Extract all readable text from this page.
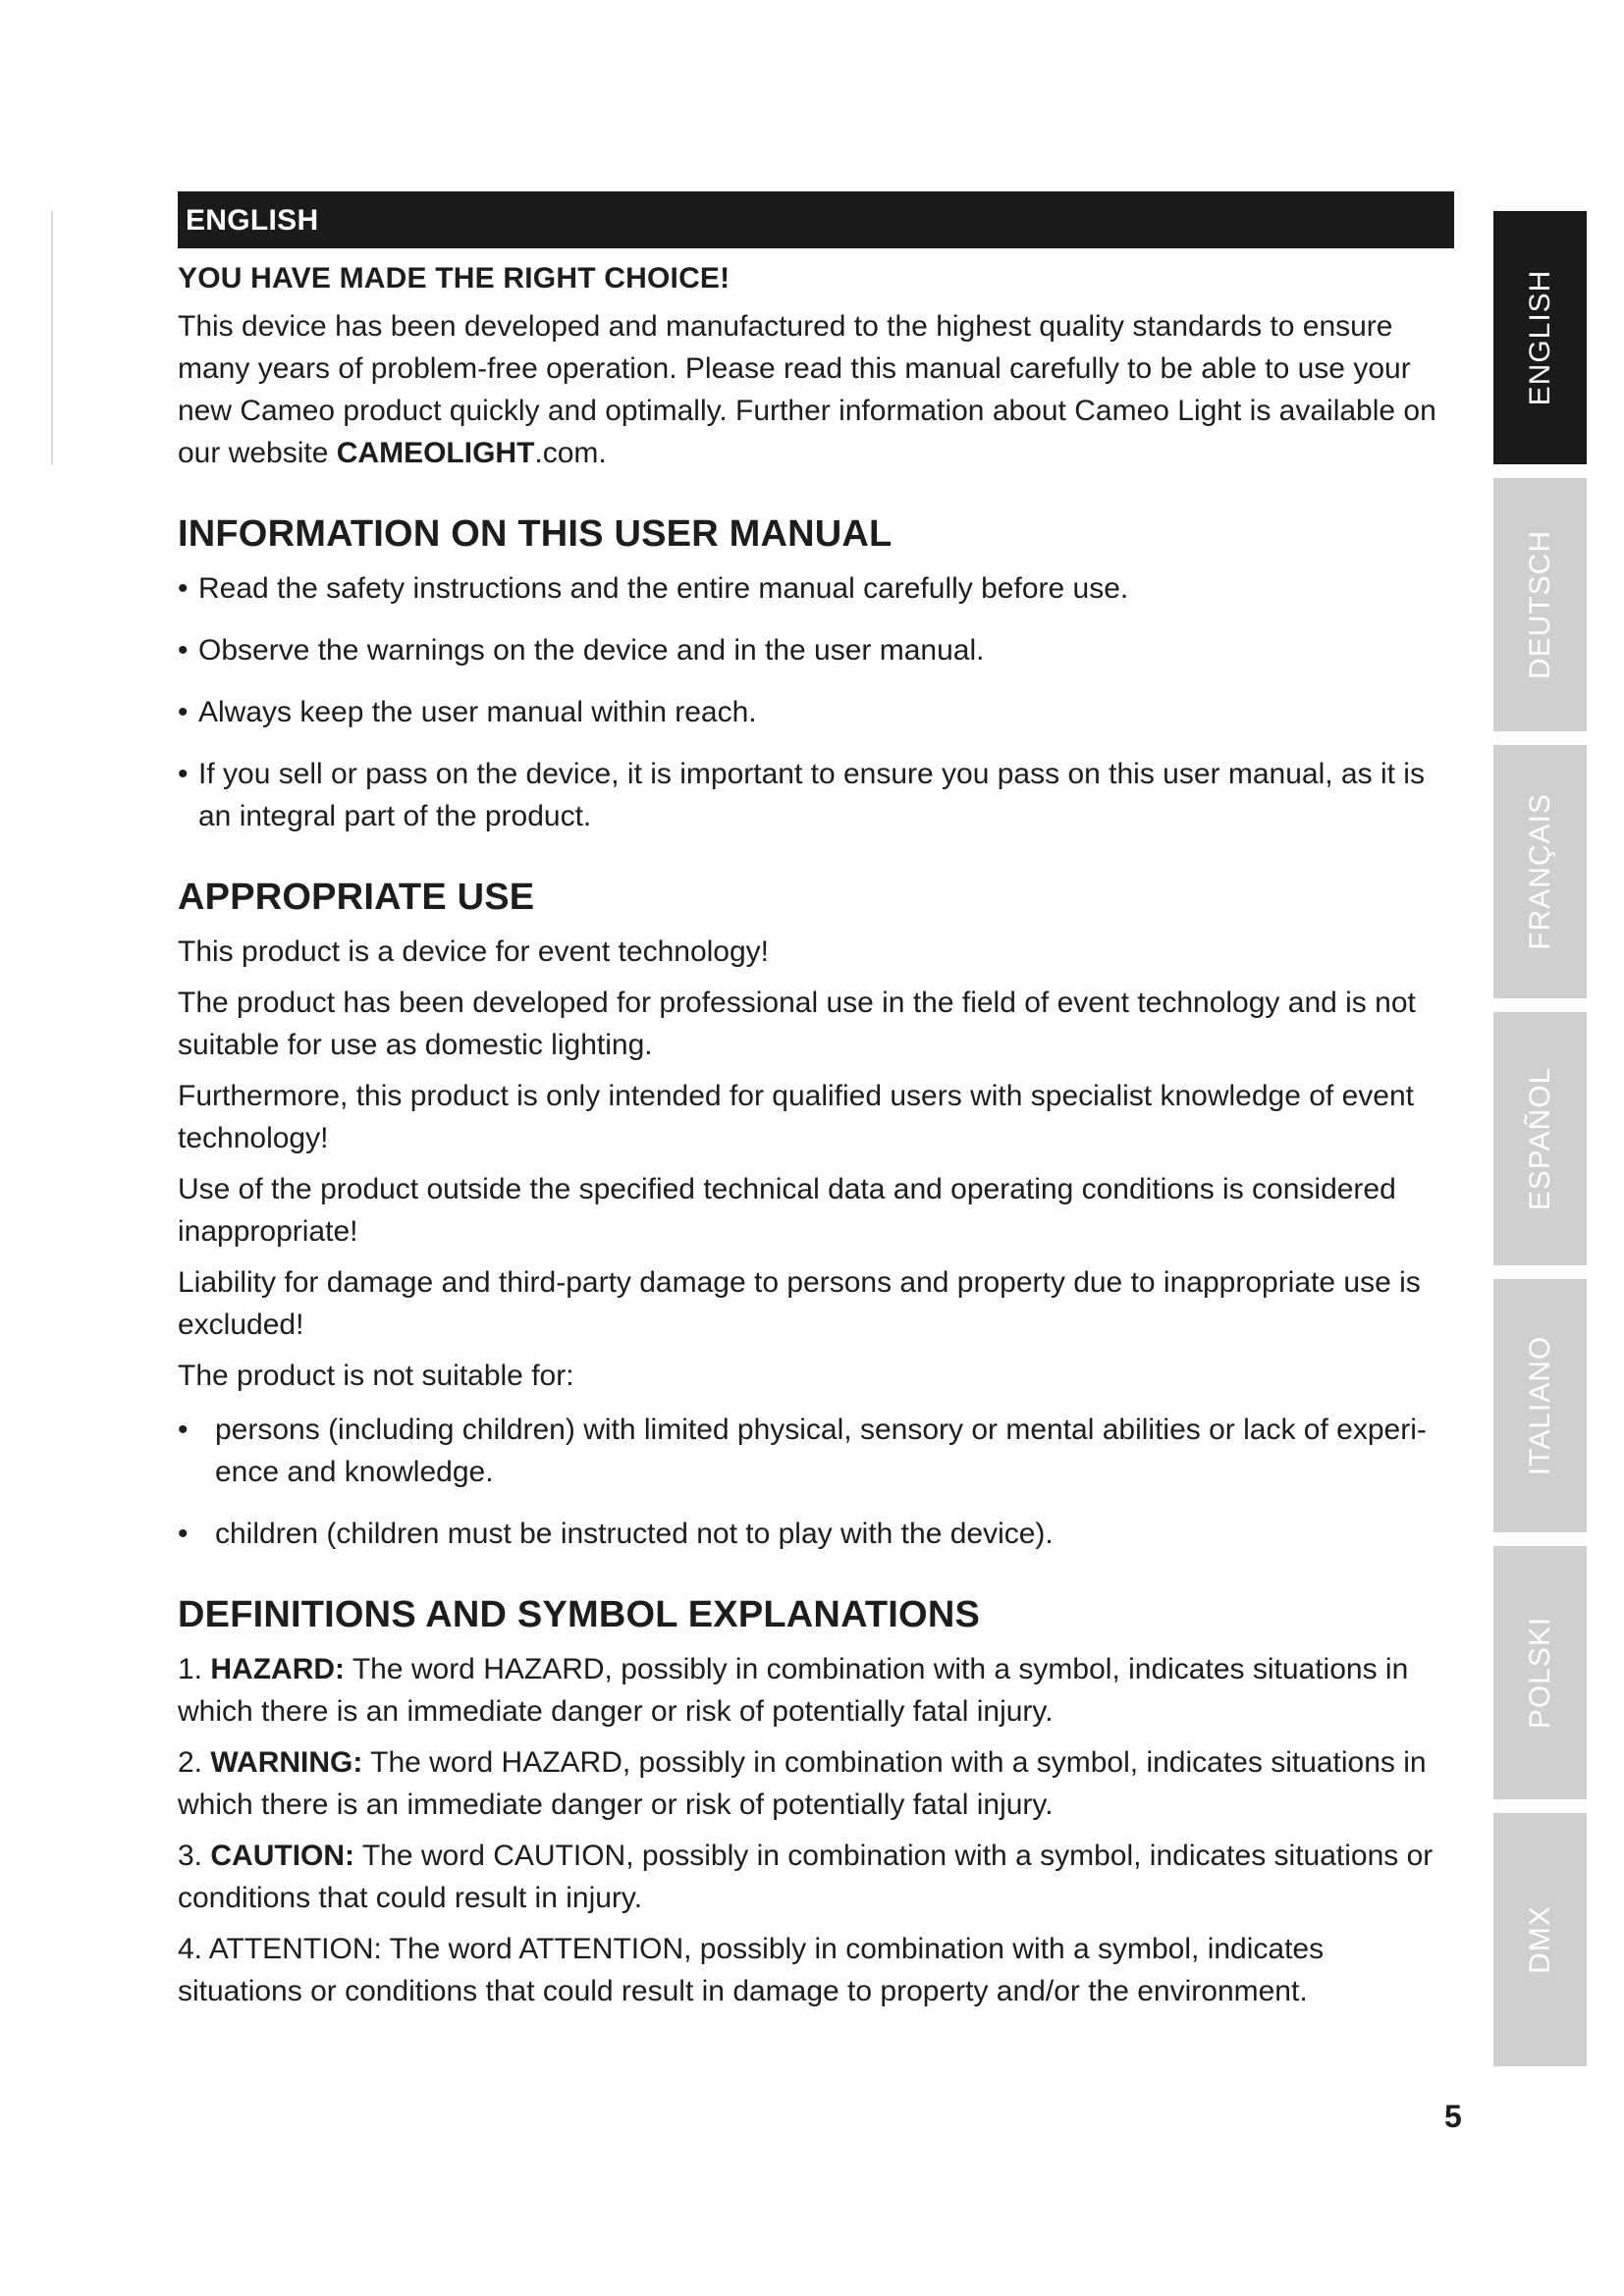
ENGLISH
YOU HAVE MADE THE RIGHT CHOICE!

This device has been developed and manufactured to the highest quality standards to ensure many years of problem-free operation. Please read this manual carefully to be able to use your new Cameo product quickly and optimally. Further information about Cameo Light is available on our website CAMEOLIGHT.com.

INFORMATION ON THIS USER MANUAL
• Read the safety instructions and the entire manual carefully before use.
• Observe the warnings on the device and in the user manual.
• Always keep the user manual within reach.
• If you sell or pass on the device, it is important to ensure you pass on this user manual, as it is an integral part of the product.
APPROPRIATE USE

This product is a device for event technology!

The product has been developed for professional use in the field of event technology and is not suitable for use as domestic lighting.

Furthermore, this product is only intended for qualified users with specialist knowledge of event technology!

Use of the product outside the specified technical data and operating conditions is considered inappropriate!

Liability for damage and third-party damage to persons and property due to inappropriate use is excluded!

The product is not suitable for:

• persons (including children) with limited physical, sensory or mental abilities or lack of experi-ence and knowledge.
• children (children must be instructed not to play with the device).
DEFINITIONS AND SYMBOL EXPLANATIONS

1. HAZARD: The word HAZARD, possibly in combination with a symbol, indicates situations in which there is an immediate danger or risk of potentially fatal injury.

2. WARNING: The word HAZARD, possibly in combination with a symbol, indicates situations in which there is an immediate danger or risk of potentially fatal injury.

3. CAUTION: The word CAUTION, possibly in combination with a symbol, indicates situations or conditions that could result in injury.

4. ATTENTION: The word ATTENTION, possibly in combination with a symbol, indicates situations or conditions that could result in damage to property and/or the environment.

5
ENGLISH
DEUTSCH
FRANÇAIS
ESPAÑOL
ITALIANO
POLSKI
DMX
